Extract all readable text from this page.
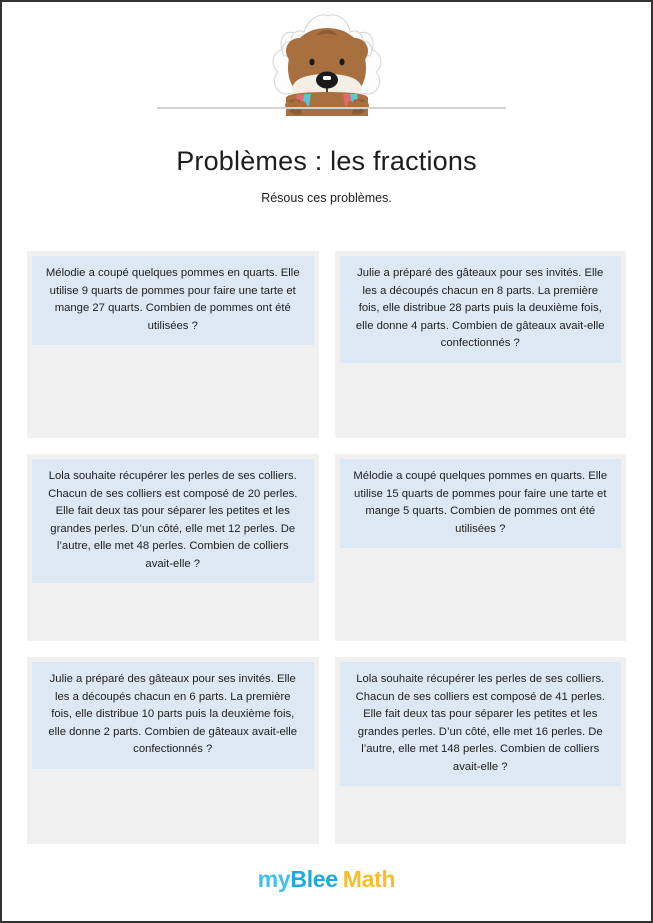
Problèmes : les fractions

Résous ces problèmes.

Mélodie a coupé quelques pommes en quarts. Elle utilise 9 quarts de pommes pour faire une tarte et mange 27 quarts. Combien de pommes ont été utilisées ?
Julie a préparé des gâteaux pour ses invités. Elle les a découpés chacun en 8 parts. La première fois, elle distribue 28 parts puis la deuxième fois, elle donne 4 parts. Combien de gâteaux avait-elle confectionnés ?
Lola souhaite récupérer les perles de ses colliers. Chacun de ses colliers est composé de 20 perles. Elle fait deux tas pour séparer les petites et les grandes perles. D’un côté, elle met 12 perles. De l’autre, elle met 48 perles. Combien de colliers avait-elle ?
Mélodie a coupé quelques pommes en quarts. Elle utilise 15 quarts de pommes pour faire une tarte et mange 5 quarts. Combien de pommes ont été utilisées ?
Julie a préparé des gâteaux pour ses invités. Elle les a découpés chacun en 6 parts. La première fois, elle distribue 10 parts puis la deuxième fois, elle donne 2 parts. Combien de gâteaux avait-elle confectionnés ?
Lola souhaite récupérer les perles de ses colliers. Chacun de ses colliers est composé de 41 perles. Elle fait deux tas pour séparer les petites et les grandes perles. D’un côté, elle met 16 perles. De l’autre, elle met 148 perles. Combien de colliers avait-elle ?
myBlee Math
